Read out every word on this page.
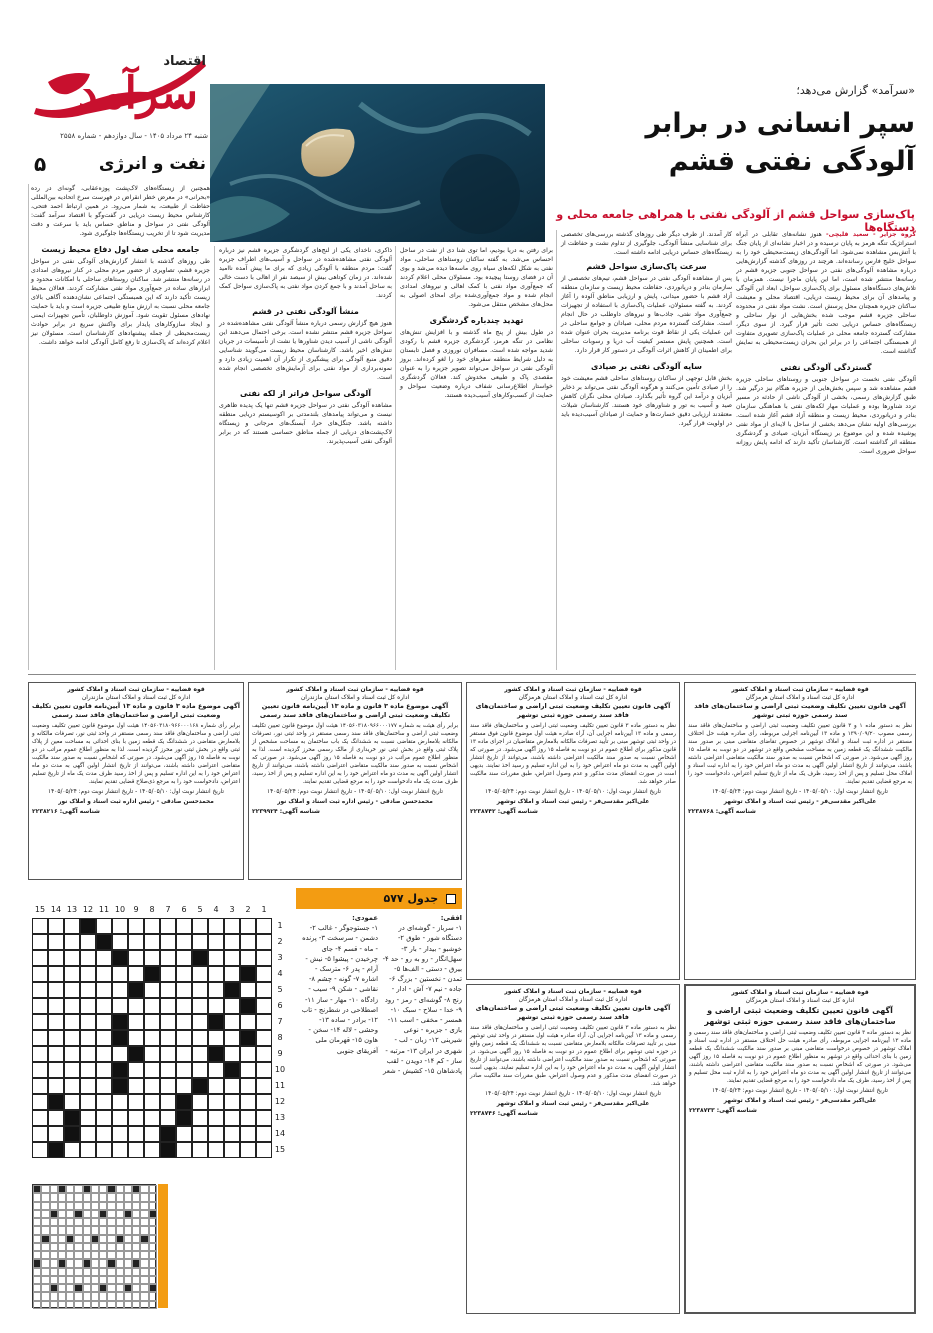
سرآمد
اقتصاد
شنبه ۲۴ مرداد ۱۴۰۵ - سال دوازدهم - شماره ۲۵۵۸
۵	نفت و انرژی
«سرآمد» گزارش می‌دهد؛
سپر انسانی در برابر
آلودگی نفتی قشم
پاک‌سازی سواحل قشم از آلودگی نفتی با همراهی جامعه محلی و دستگاه‌ها
گروه جزایر - سعید قلیچی- هنوز نشانه‌های تقابلی در آبراه استراتژیک تنگه هرمز به پایان نرسیده و در اخبار نشانه‌ای از پایان جنگ با آتش‌بس مشاهده نمی‌شود. اما آلودگی‌های زیست‌محیطی خود را به سواحل خلیج فارس رسانده‌اند. هرچند در روزهای گذشته گزارش‌هایی درباره مشاهده آلودگی‌های نفتی در سواحل جنوبی جزیره قشم در رسانه‌ها منتشر شده است، اما این پایان ماجرا نیست. همزمان با تلاش‌های دستگاه‌های مسئول برای پاک‌سازی سواحل، ابعاد این آلودگی و پیامدهای آن برای محیط زیست دریایی، اقتصاد محلی و معیشت ساکنان جزیره همچنان محل پرسش است. نشت مواد نفتی در محدوده ساحلی جزیره قشم موجب شده بخش‌هایی از نوار ساحلی و زیستگاه‌های حساس دریایی تحت تأثیر قرار گیرد. از سوی دیگر، مشارکت گسترده جامعه محلی در عملیات پاک‌سازی تصویری متفاوت از همبستگی اجتماعی را در برابر این بحران زیست‌محیطی به نمایش گذاشته است.
گستردگی آلودگی نفتی
آلودگی نفتی نخست در سواحل جنوبی و روستاهای ساحلی جزیره قشم مشاهده شد و سپس بخش‌هایی از جزیره هنگام نیز درگیر شد. طبق گزارش‌های رسمی، بخشی از آلودگی ناشی از حادثه در مسیر تردد شناورها بوده و عملیات مهار لکه‌های نفتی با هماهنگی سازمان بنادر و دریانوردی، محیط زیست و منطقه آزاد قشم آغاز شده است. بررسی‌های اولیه نشان می‌دهد بخشی از ساحل با لایه‌ای از مواد نفتی پوشیده شده و این موضوع بر زیستگاه آبزیان، صیادی و گردشگری منطقه اثر گذاشته است. کارشناسان تأکید دارند که ادامه پایش روزانه سواحل ضروری است.
کار آمدند. از طرف دیگر طی روزهای گذشته بررسی‌های تخصصی برای شناسایی منشأ آلودگی، جلوگیری از تداوم نشت و حفاظت از زیستگاه‌های حساس دریایی ادامه داشته است.
سرعت پاک‌سازی سواحل قشم
پس از مشاهده آلودگی نفتی در سواحل قشم، تیم‌های تخصصی از سازمان بنادر و دریانوردی، حفاظت محیط زیست و سازمان منطقه آزاد قشم با حضور میدانی، پایش و ارزیابی مناطق آلوده را آغاز کردند. به گفته مسئولان، عملیات پاک‌سازی با استفاده از تجهیزات جمع‌آوری مواد نفتی، جاذب‌ها و نیروهای داوطلب در حال انجام است. مشارکت گسترده مردم محلی، صیادان و جوامع ساحلی در این عملیات یکی از نقاط قوت برنامه مدیریت بحران عنوان شده است. همچنین پایش مستمر کیفیت آب دریا و رسوبات ساحلی برای اطمینان از کاهش اثرات آلودگی در دستور کار قرار دارد.
سایه آلودگی نفتی بر صیادی
بخش قابل توجهی از ساکنان روستاهای ساحلی قشم معیشت خود را از صیادی تأمین می‌کنند و هرگونه آلودگی نفتی می‌تواند بر ذخایر آبزیان و درآمد این گروه تأثیر بگذارد. صیادان محلی نگران کاهش صید و آسیب به تور و شناورهای خود هستند. کارشناسان شیلات معتقدند ارزیابی دقیق خسارت‌ها و حمایت از صیادان آسیب‌دیده باید در اولویت قرار گیرد.
برای رفتن به دریا بودیم، اما توی شنا دی از نفت در ساحل احساس می‌شد. به گفته ساکنان روستاهای ساحلی، مواد نفتی به شکل لکه‌های سیاه روی ماسه‌ها دیده می‌شد و بوی آن در فضای روستا پیچیده بود. مسئولان محلی اعلام کردند که جمع‌آوری مواد نفتی با کمک اهالی و نیروهای امدادی انجام شده و مواد جمع‌آوری‌شده برای امحای اصولی به محل‌های مشخص منتقل می‌شود.
تهدید چندباره گردشگری
در طول بیش از پنج ماه گذشته و با افزایش تنش‌های نظامی در تنگه هرمز، گردشگری جزیره قشم با رکودی شدید مواجه شده است. مسافران نوروزی و فصل تابستان به دلیل شرایط منطقه سفرهای خود را لغو کرده‌اند. بروز آلودگی نفتی در سواحل می‌تواند تصویر جزیره را به عنوان مقصدی پاک و طبیعی مخدوش کند. فعالان گردشگری خواستار اطلاع‌رسانی شفاف درباره وضعیت سواحل و حمایت از کسب‌وکارهای آسیب‌دیده هستند.
ذاکری، ناخدای یکی از لنج‌های گردشگری جزیره قشم نیز درباره آلودگی نفتی مشاهده‌شده در سواحل و آسیب‌های اطراف جزیره گفت: مردم منطقه با آلودگی زیادی که برای ما پیش آمده ناامید شده‌اند. در زمان کوتاهی بیش از سیصد نفر از اهالی با دست خالی به ساحل آمدند و با جمع کردن مواد نفتی به پاک‌سازی سواحل کمک کردند.
منشأ آلودگی نفتی در قشم
هنوز هیچ گزارش رسمی درباره منشأ آلودگی نفتی مشاهده‌شده در سواحل جزیره قشم منتشر نشده است. برخی احتمال می‌دهند این آلودگی ناشی از آسیب دیدن شناورها یا نشت از تأسیسات در جریان تنش‌های اخیر باشد. کارشناسان محیط زیست می‌گویند شناسایی دقیق منبع آلودگی برای پیشگیری از تکرار آن اهمیت زیادی دارد و نمونه‌برداری از مواد نفتی برای آزمایش‌های تخصصی انجام شده است.
آلودگی سواحل فراتر از لکه نفتی
مشاهده آلودگی نفتی در سواحل جزیره قشم تنها یک پدیده ظاهری نیست و می‌تواند پیامدهای بلندمدتی بر اکوسیستم دریایی منطقه داشته باشد. جنگل‌های حرا، آبسنگ‌های مرجانی و زیستگاه لاک‌پشت‌های دریایی از جمله مناطق حساسی هستند که در برابر آلودگی نفتی آسیب‌پذیرند.
همچنین از زیستگاه‌های لاک‌پشت پوزه‌عقابی، گونه‌ای در رده «بحرانی» در معرض خطر انقراض در فهرست سرخ اتحادیه بین‌المللی حفاظت از طبیعت، به شمار می‌رود. در همین ارتباط احمد فتحی، کارشناس محیط زیست دریایی در گفت‌وگو با اقتصاد سرآمد گفت: آلودگی نفتی در سواحل و مناطق حساس باید با سرعت و دقت مدیریت شود تا از تخریب زیستگاه‌ها جلوگیری شود.
جامعه محلی صف اول دفاع محیط زیست
طی روزهای گذشته با انتشار گزارش‌های آلودگی نفتی در سواحل جزیره قشم، تصاویری از حضور مردم محلی در کنار نیروهای امدادی در رسانه‌ها منتشر شد. ساکنان روستاهای ساحلی با امکانات محدود و ابزارهای ساده در جمع‌آوری مواد نفتی مشارکت کردند. فعالان محیط زیست تأکید دارند که این همبستگی اجتماعی نشان‌دهنده آگاهی بالای جامعه محلی نسبت به ارزش منابع طبیعی جزیره است و باید با حمایت نهادهای مسئول تقویت شود. آموزش داوطلبان، تأمین تجهیزات ایمنی و ایجاد سازوکارهای پایدار برای واکنش سریع در برابر حوادث زیست‌محیطی از جمله پیشنهادهای کارشناسان است. مسئولان نیز اعلام کرده‌اند که پاک‌سازی تا رفع کامل آلودگی ادامه خواهد داشت.
قوه قضاییه - سازمان ثبت اسناد و املاک کشور
اداره کل ثبت اسناد و املاک استان هرمزگان
آگهی قانون تعیین تکلیف وضعیت ثبتی اراضی و ساختمان‌های فاقد سند رسمی حوزه ثبتی توشهر
نظر به دستور ماده ۱ و ۳ قانون تعیین تکلیف وضعیت ثبتی اراضی و ساختمان‌های فاقد سند رسمی مصوب ۱۳۹۰/۰۹/۲۰ و ماده ۱۳ آیین‌نامه اجرایی مربوطه، رأی صادره هیئت حل اختلاف مستقر در اداره ثبت اسناد و املاک توشهر در خصوص تقاضای متقاضی مبنی بر صدور سند مالکیت ششدانگ یک قطعه زمین به مساحت مشخص واقع در توشهر در دو نوبت به فاصله ۱۵ روز آگهی می‌شود. در صورتی که اشخاص نسبت به صدور سند مالکیت متقاضی اعتراضی داشته باشند، می‌توانند از تاریخ انتشار اولین آگهی به مدت دو ماه اعتراض خود را به اداره ثبت اسناد و املاک محل تسلیم و پس از اخذ رسید، ظرف یک ماه از تاریخ تسلیم اعتراض، دادخواست خود را به مرجع قضایی تقدیم نمایند.
تاریخ انتشار نوبت اول: ۱۴۰۵/۰۵/۱۰ - تاریخ انتشار نوبت دوم: ۱۴۰۵/۰۵/۲۴
علی‌اکبر مقدسی‌فر - رئیس ثبت اسناد و املاک توشهر
شناسه آگهی: ۲۲۳۸۷۶۸
قوه قضاییه - سازمان ثبت اسناد و املاک کشور
اداره کل ثبت اسناد و املاک استان هرمزگان
آگهی قانون تعیین تکلیف وضعیت ثبتی اراضی و ساختمان‌های فاقد سند رسمی حوزه ثبتی توشهر
نظر به دستور ماده ۳ قانون تعیین تکلیف وضعیت ثبتی اراضی و ساختمان‌های فاقد سند رسمی و ماده ۱۳ آیین‌نامه اجرایی آن، آراء صادره هیئت اول موضوع قانون فوق مستقر در واحد ثبتی توشهر مبنی بر تأیید تصرفات مالکانه بلامعارض متقاضیان در اجرای ماده ۱۳ قانون مذکور برای اطلاع عموم در دو نوبت به فاصله ۱۵ روز آگهی می‌شود. در صورتی که اشخاص نسبت به صدور سند مالکیت اعتراضی داشته باشند، می‌توانند از تاریخ انتشار اولین آگهی به مدت دو ماه اعتراض خود را به این اداره تسلیم و رسید اخذ نمایند. بدیهی است در صورت انقضای مدت مذکور و عدم وصول اعتراض، طبق مقررات سند مالکیت صادر خواهد شد.
تاریخ انتشار نوبت اول: ۱۴۰۵/۰۵/۱۰ - تاریخ انتشار نوبت دوم: ۱۴۰۵/۰۵/۲۴
علی‌اکبر مقدسی‌فر - رئیس ثبت اسناد و املاک توشهر
شناسه آگهی: ۲۲۳۸۷۴۲
قوه قضاییه - سازمان ثبت اسناد و املاک کشور
اداره کل ثبت اسناد و املاک استان مازندران
آگهی موضوع ماده ۳ قانون و ماده ۱۳ آیین‌نامه قانون تعیین تکلیف وضعیت ثبتی اراضی و ساختمان‌های فاقد سند رسمی
برابر رأی هیئت به شماره ۱۴۰۵۶۰۳۱۸۰۹۶۶۰۰۰۱۷۷ هیئت اول موضوع قانون تعیین تکلیف وضعیت ثبتی اراضی و ساختمان‌های فاقد سند رسمی مستقر در واحد ثبتی نور، تصرفات مالکانه بلامعارض متقاضی نسبت به ششدانگ یک باب ساختمان به مساحت مشخص از پلاک ثبتی واقع در بخش ثبتی نور خریداری از مالک رسمی محرز گردیده است. لذا به منظور اطلاع عموم مراتب در دو نوبت به فاصله ۱۵ روز آگهی می‌شود. در صورتی که اشخاص نسبت به صدور سند مالکیت متقاضی اعتراضی داشته باشند، می‌توانند از تاریخ انتشار اولین آگهی به مدت دو ماه اعتراض خود را به این اداره تسلیم و پس از اخذ رسید، ظرف مدت یک ماه دادخواست خود را به مرجع قضایی تقدیم نمایند.
تاریخ انتشار نوبت اول: ۱۴۰۵/۰۵/۱۰ - تاریخ انتشار نوبت دوم: ۱۴۰۵/۰۵/۲۴
محمدحسن صادقی - رئیس اداره ثبت اسناد و املاک نور
شناسه آگهی: ۲۲۳۹۹۲۴
قوه قضاییه - سازمان ثبت اسناد و املاک کشور
اداره کل ثبت اسناد و املاک استان مازندران
آگهی موضوع ماده ۳ قانون و ماده ۱۳ آیین‌نامه قانون تعیین تکلیف وضعیت ثبتی اراضی و ساختمان‌های فاقد سند رسمی
برابر رأی شماره ۱۴۰۵۶۰۳۱۸۰۹۶۶۰۰۰۱۶۸ هیئت اول موضوع قانون تعیین تکلیف وضعیت ثبتی اراضی و ساختمان‌های فاقد سند رسمی مستقر در واحد ثبتی نور، تصرفات مالکانه و بلامعارض متقاضی در ششدانگ یک قطعه زمین با بنای احداثی به مساحت معین از پلاک ثبتی واقع در بخش ثبتی نور محرز گردیده است. لذا به منظور اطلاع عموم مراتب در دو نوبت به فاصله ۱۵ روز آگهی می‌شود. در صورتی که اشخاص نسبت به صدور سند مالکیت متقاضی اعتراضی داشته باشند، می‌توانند از تاریخ انتشار اولین آگهی به مدت دو ماه اعتراض خود را به این اداره تسلیم و پس از اخذ رسید ظرف مدت یک ماه از تاریخ تسلیم اعتراض، دادخواست خود را به مرجع ذی‌صلاح قضایی تقدیم نمایند.
تاریخ انتشار نوبت اول: ۱۴۰۵/۰۵/۱۰ - تاریخ انتشار نوبت دوم: ۱۴۰۵/۰۵/۲۴
محمدحسن صادقی - رئیس اداره ثبت اسناد و املاک نور
شناسه آگهی: ۲۲۳۸۲۱۶
قوه قضاییه - سازمان ثبت اسناد و املاک کشور
اداره کل ثبت اسناد و املاک استان هرمزگان
آگهی قانون تعیین تکلیف وضعیت ثبتی اراضی و ساختمان‌های فاقد سند رسمی حوزه ثبتی توشهر
نظر به دستور ماده ۳ قانون تعیین تکلیف وضعیت ثبتی اراضی و ساختمان‌های فاقد سند رسمی و ماده ۱۳ آیین‌نامه اجرایی مربوطه، رأی صادره هیئت حل اختلاف مستقر در اداره ثبت اسناد و املاک توشهر در خصوص درخواست متقاضی مبنی بر صدور سند مالکیت ششدانگ یک قطعه زمین با بنای احداثی واقع در توشهر به منظور اطلاع عموم در دو نوبت به فاصله ۱۵ روز آگهی می‌شود. در صورتی که اشخاص نسبت به صدور سند مالکیت متقاضی اعتراضی داشته باشند، می‌توانند از تاریخ انتشار اولین آگهی به مدت دو ماه اعتراض خود را به اداره ثبت محل تسلیم و پس از اخذ رسید، ظرف یک ماه دادخواست خود را به مرجع قضایی تقدیم نمایند.
تاریخ انتشار نوبت اول: ۱۴۰۵/۰۵/۱۰ - تاریخ انتشار نوبت دوم: ۱۴۰۵/۰۵/۲۴
علی‌اکبر مقدسی‌فر - رئیس ثبت اسناد و املاک توشهر
شناسه آگهی: ۲۲۳۸۷۳۳
قوه قضاییه - سازمان ثبت اسناد و املاک کشور
اداره کل ثبت اسناد و املاک استان هرمزگان
آگهی قانون تعیین تکلیف وضعیت ثبتی اراضی و ساختمان‌های فاقد سند رسمی حوزه ثبتی توشهر
نظر به دستور ماده ۳ قانون تعیین تکلیف وضعیت ثبتی اراضی و ساختمان‌های فاقد سند رسمی و ماده ۱۳ آیین‌نامه اجرایی آن، آراء صادره هیئت اول مستقر در واحد ثبتی توشهر مبنی بر تأیید تصرفات مالکانه بلامعارض متقاضی نسبت به ششدانگ یک قطعه زمین واقع در حوزه ثبتی توشهر برای اطلاع عموم در دو نوبت به فاصله ۱۵ روز آگهی می‌شود. در صورتی که اشخاص نسبت به صدور سند مالکیت اعتراضی داشته باشند، می‌توانند از تاریخ انتشار اولین آگهی به مدت دو ماه اعتراض خود را به این اداره تسلیم نمایند. بدیهی است در صورت انقضای مدت مذکور و عدم وصول اعتراض، طبق مقررات سند مالکیت صادر خواهد شد.
تاریخ انتشار نوبت اول: ۱۴۰۵/۰۵/۱۰ - تاریخ انتشار نوبت دوم: ۱۴۰۵/۰۵/۲۴
علی‌اکبر مقدسی‌فر - رئیس ثبت اسناد و املاک توشهر
شناسه آگهی: ۲۲۳۸۷۴۶
جدول ۵۷۷
افقی:
۱- سرباز - گوشه‌ای در دستگاه شور - طوق ۲- خوشبو - بیدار - بار ۳- سهل‌انگار - رو به رو - حد ۴- بیرق - دستی - الف‌ها ۵- تمدن - نخستین - بزرگ ۶- جاده - نیم ۷- آش - ادار - رنج ۸- گوشه‌ای - رمز - رود ۹- خدا - سلاح - سبک ۱۰- همسر - مخفی - اسب ۱۱- بازی - جزیره - نوعی شیرینی ۱۲- زبان - لب - شهری در ایران ۱۳- مرتبه - ساز - کم ۱۴- دویدن - لقب پادشاهان ۱۵- کشیش - شعر
عمودی:
۱- جستوجوگر - غالب ۲- دشمن - سرسخت ۳- پرنده - ماه - قسم ۴- جای چرخیدن - پیشوا ۵- نیش - آرام - پدر ۶- مترسک - اشاره ۷- گونه - چشم ۸- نقاشی - شکن ۹- سیب - زادگاه ۱۰- مهار - ساز ۱۱- اصطلاحی در شطرنج - تاب ۱۲- برادر - ساده ۱۳- وحشی - لاله ۱۴- سخن - هاون ۱۵- قهرمان ملی آفریقای جنوبی
15 14 13 12 11 10	9	8	7	6	5	4	3	2	1
1
2
3
4
5
6
7
8
9
10
11
12
13
14
15
